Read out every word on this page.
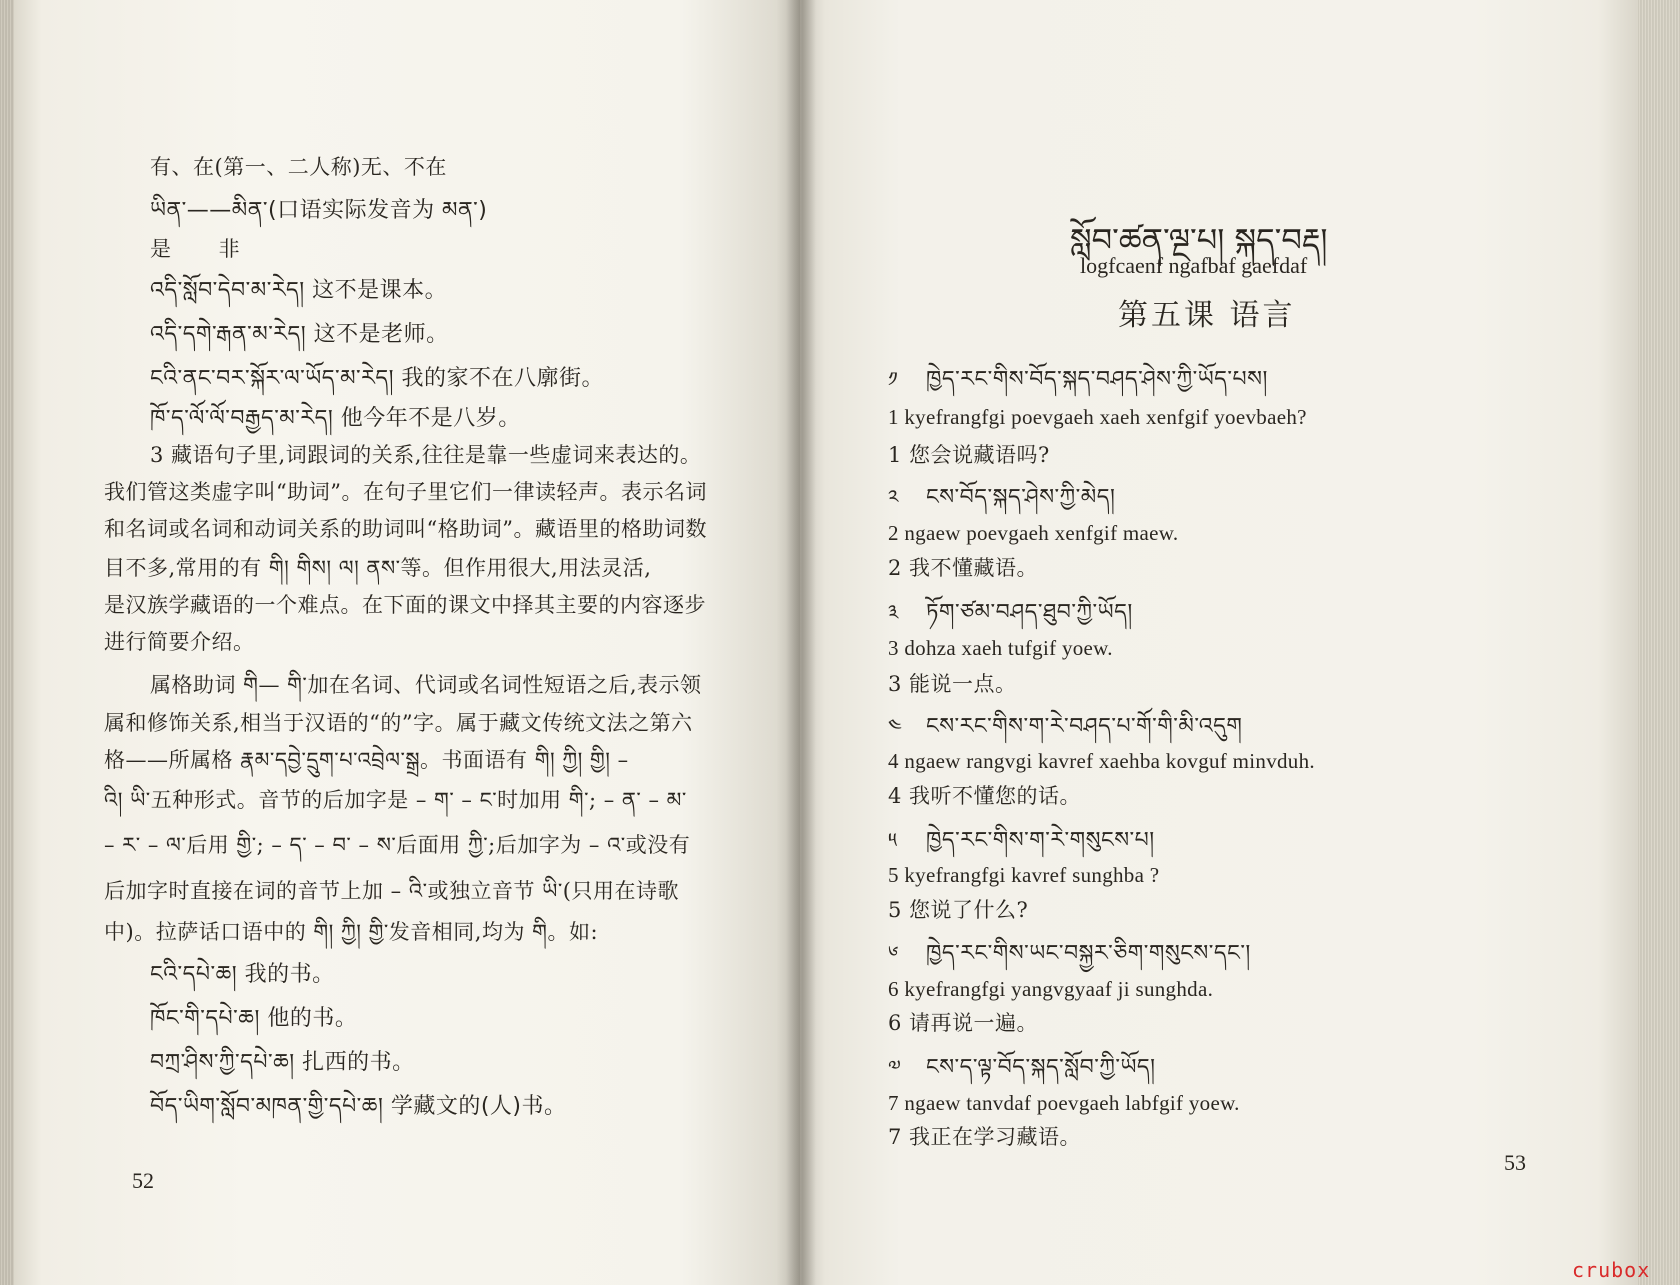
有、在(第一、二人称)无、不在
ཡིན་——མིན་(口语实际发音为 མན་)
是 非
འདི་སློབ་དེབ་མ་རེད། 这不是课本。
འདི་དགེ་རྒན་མ་རེད། 这不是老师。
ངའི་ནང་བར་སྐོར་ལ་ཡོད་མ་རེད། 我的家不在八廓街。
ཁོ་ད་ལོ་ལོ་བརྒྱད་མ་རེད། 他今年不是八岁。
3 藏语句子里,词跟词的关系,往往是靠一些虚词来表达的。
我们管这类虚字叫“助词”。在句子里它们一律读轻声。表示名词
和名词或名词和动词关系的助词叫“格助词”。藏语里的格助词数
目不多,常用的有 གི། གིས། ལ། ནས་等。但作用很大,用法灵活,
是汉族学藏语的一个难点。在下面的课文中择其主要的内容逐步
进行简要介绍。
属格助词 གི— གི་加在名词、代词或名词性短语之后,表示领
属和修饰关系,相当于汉语的“的”字。属于藏文传统文法之第六
格——所属格 རྣམ་དབྱེ་དྲུག་པ་འབྲེལ་སྒྲ。书面语有 གི། ཀྱི། གྱི། –
འི། ཡི་五种形式。音节的后加字是 – ག་ – ང་时加用 གི་; – ན་ – མ་
– ར་ – ལ་后用 གྱི་; – ད་ – བ་ – ས་后面用 ཀྱི་;后加字为 – འ་或没有
后加字时直接在词的音节上加 – འི་或独立音节 ཡི་(只用在诗歌
中)。拉萨话口语中的 གི། ཀྱི། གྱི་发音相同,均为 གི。如:
ངའི་དཔེ་ཆ། 我的书。
ཁོང་གི་དཔེ་ཆ། 他的书。
བཀྲ་ཤིས་ཀྱི་དཔེ་ཆ། 扎西的书。
བོད་ཡིག་སློབ་མཁན་གྱི་དཔེ་ཆ། 学藏文的(人)书。
52
སློབ་ཚན་ལྔ་པ། སྐད་བརྡ།
logfcaenf ngafbaf gaefdaf
第五课 语言
༡ ཁྱེད་རང་གིས་བོད་སྐད་བཤད་ཤེས་ཀྱི་ཡོད་པས།
1 kyefrangfgi poevgaeh xaeh xenfgif yoevbaeh?
1 您会说藏语吗?
༢ ངས་བོད་སྐད་ཤེས་ཀྱི་མེད།
2 ngaew poevgaeh xenfgif maew.
2 我不懂藏语。
༣ ཏོག་ཙམ་བཤད་ཐུབ་ཀྱི་ཡོད།
3 dohza xaeh tufgif yoew.
3 能说一点。
༤ ངས་རང་གིས་ག་རེ་བཤད་པ་གོ་གི་མི་འདུག
4 ngaew rangvgi kavref xaehba kovguf minvduh.
4 我听不懂您的话。
༥ ཁྱེད་རང་གིས་ག་རེ་གསུངས་པ།
5 kyefrangfgi kavref sunghba ?
5 您说了什么?
༦ ཁྱེད་རང་གིས་ཡང་བསྐྱར་ཅིག་གསུངས་དང་།
6 kyefrangfgi yangvgyaaf ji sunghda.
6 请再说一遍。
༧ ངས་ད་ལྟ་བོད་སྐད་སློབ་ཀྱི་ཡོད།
7 ngaew tanvdaf poevgaeh labfgif yoew.
7 我正在学习藏语。
53
crubox
